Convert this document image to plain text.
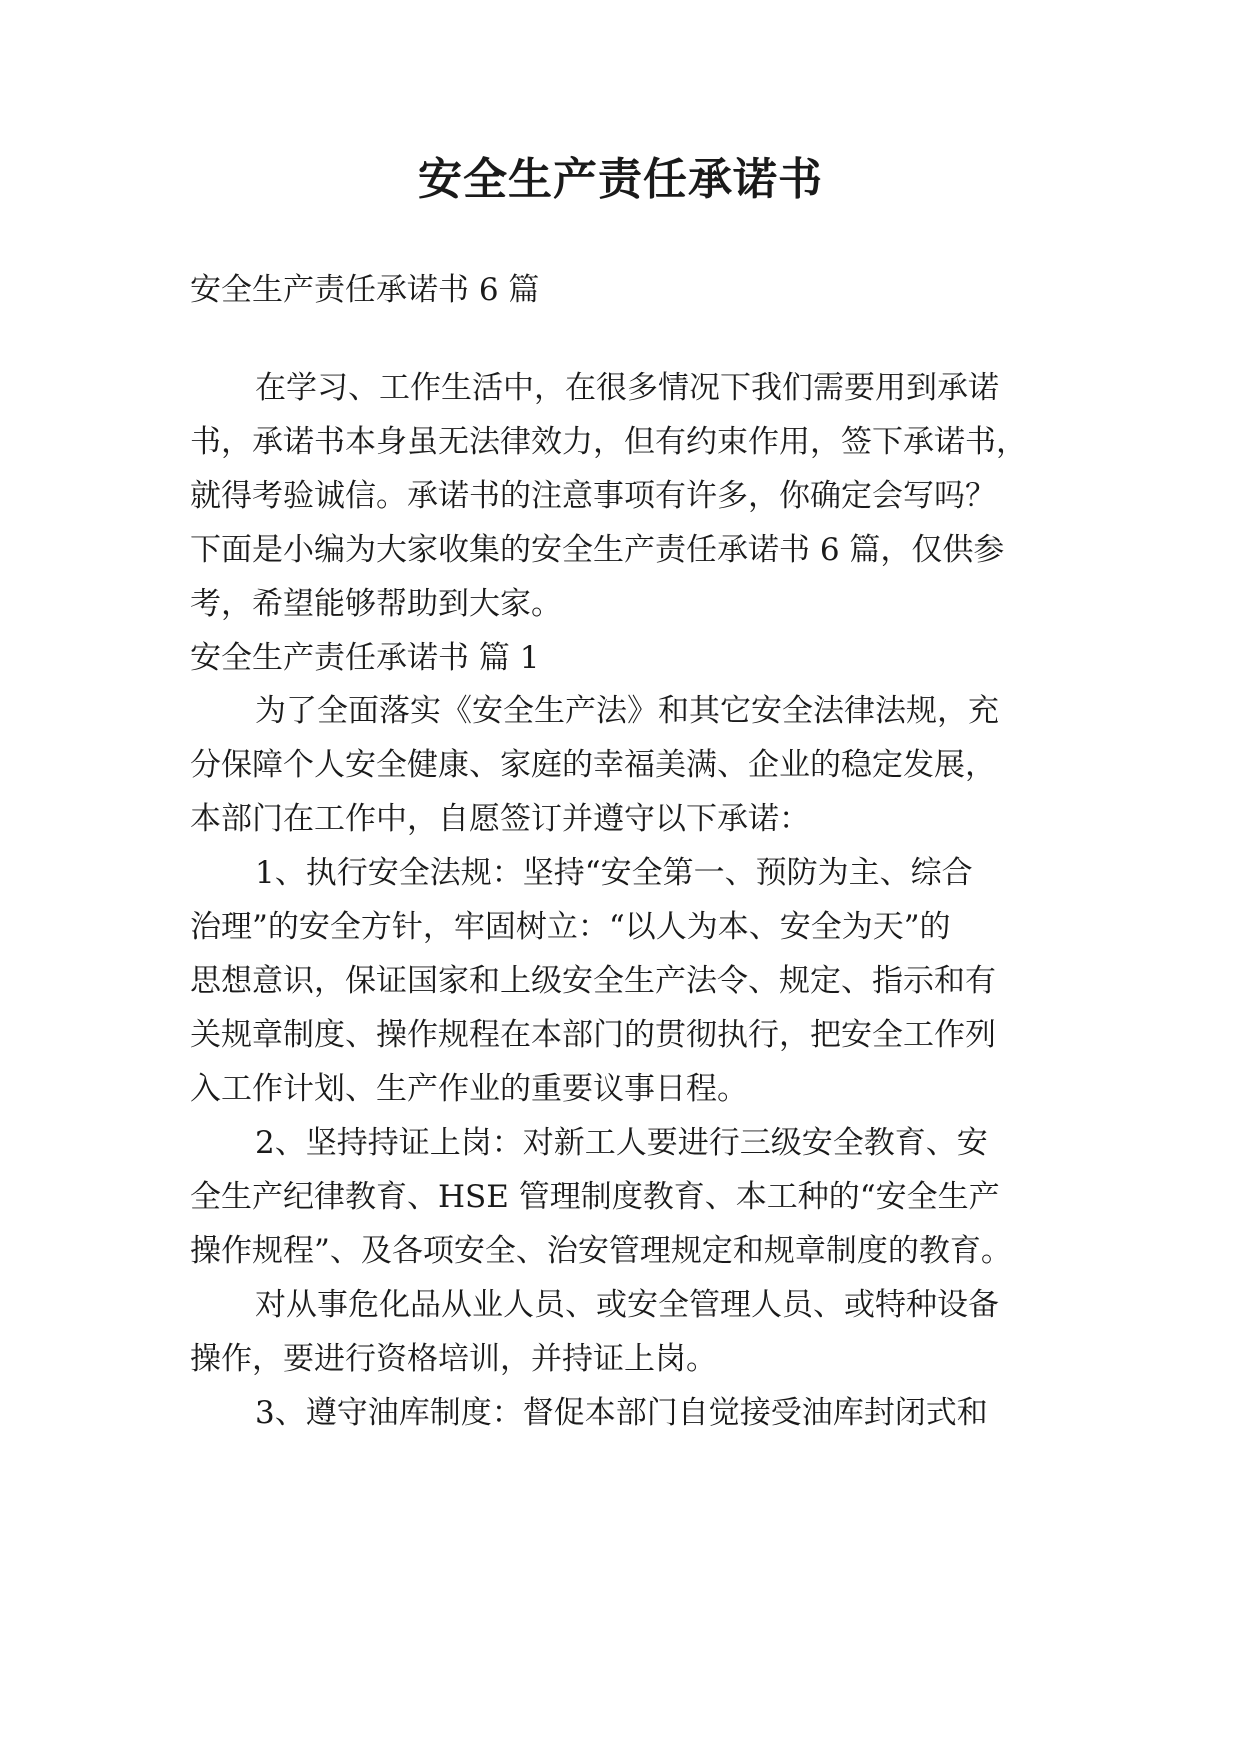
安全生产责任承诺书

安全生产责任承诺书 6 篇

在学习、工作生活中，在很多情况下我们需要用到承诺

书，承诺书本身虽无法律效力，但有约束作用，签下承诺书，

就得考验诚信。承诺书的注意事项有许多，你确定会写吗？

下面是小编为大家收集的安全生产责任承诺书 6 篇，仅供参

考，希望能够帮助到大家。

安全生产责任承诺书 篇 1

为了全面落实《安全生产法》和其它安全法律法规，充

分保障个人安全健康、家庭的幸福美满、企业的稳定发展，

本部门在工作中，自愿签订并遵守以下承诺：

1、执行安全法规：坚持“安全第一、预防为主、综合

治理”的安全方针，牢固树立：“以人为本、安全为天”的

思想意识，保证国家和上级安全生产法令、规定、指示和有

关规章制度、操作规程在本部门的贯彻执行，把安全工作列

入工作计划、生产作业的重要议事日程。

2、坚持持证上岗：对新工人要进行三级安全教育、安

全生产纪律教育、HSE 管理制度教育、本工种的“安全生产

操作规程”、及各项安全、治安管理规定和规章制度的教育。

对从事危化品从业人员、或安全管理人员、或特种设备

操作，要进行资格培训，并持证上岗。

3、遵守油库制度：督促本部门自觉接受油库封闭式和
